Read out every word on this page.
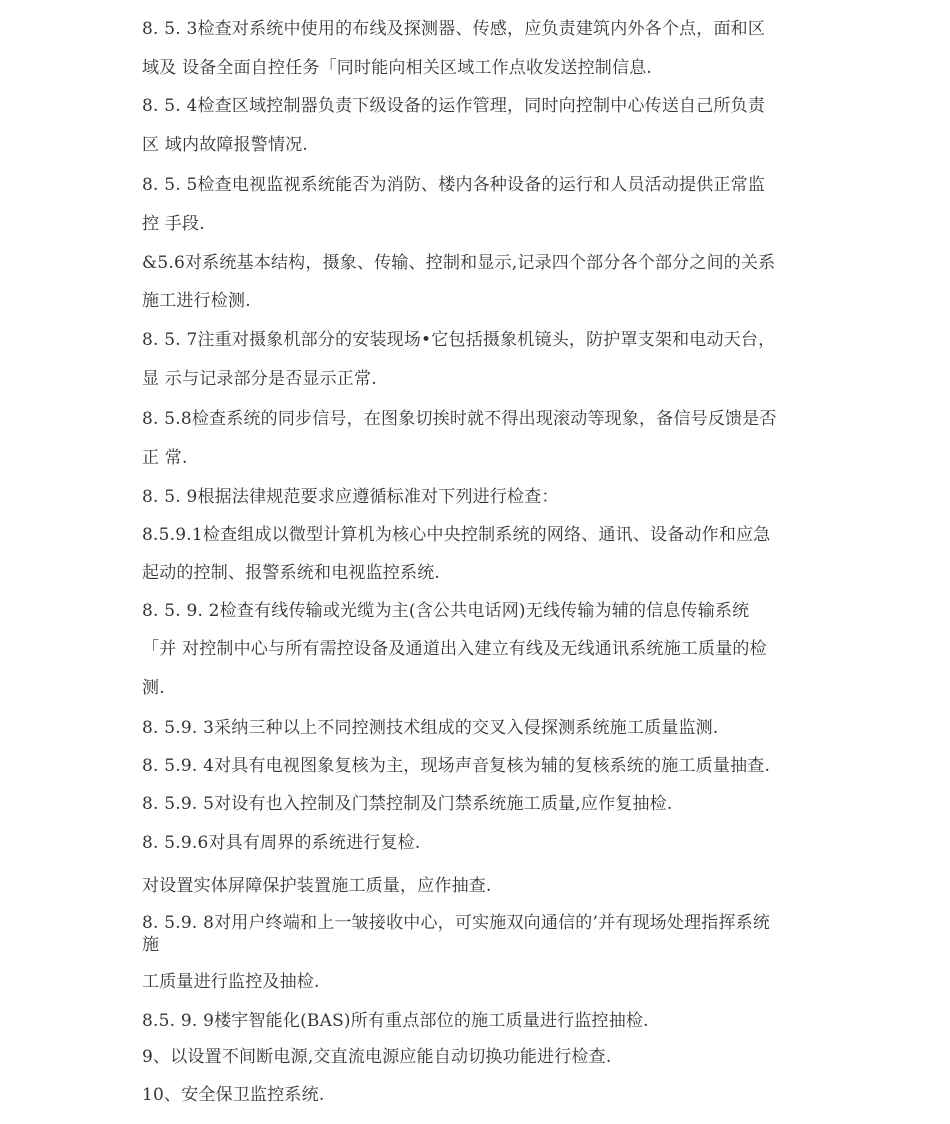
8. 5. 3检查对系统中使用的布线及探测器、传感，应负责建筑内外各个点，面和区
域及 设备全面自控任务「同时能向相关区域工作点收发送控制信息.
8. 5. 4检查区域控制器负责下级设备的运作管理，同时向控制中心传送自己所负责
区 域内故障报警情况.
8. 5. 5检查电视监视系统能否为消防、楼内各种设备的运行和人员活动提供正常监
控 手段.
&5.6对系统基本结构，摄象、传输、控制和显示,记录四个部分各个部分之间的关系
施工进行检测.
8. 5. 7注重对摄象机部分的安装现场•它包括摄象机镜头，防护罩支架和电动天台，
显 示与记录部分是否显示正常.
8. 5.8检查系统的同步信号，在图象切挨时就不得出现滚动等现象，备信号反馈是否
正 常.
8. 5. 9根据法律规范要求应遵循标准对下列进行检查：
8.5.9.1检查组成以微型计算机为核心中央控制系统的网络、通讯、设备动作和应急
起动的控制、报警系统和电视监控系统.
8. 5. 9. 2检查有线传输或光缆为主(含公共电话网)无线传输为辅的信息传输系统
「并 对控制中心与所有需控设备及通道出入建立有线及无线通讯系统施工质量的检
测.
8. 5.9. 3采纳三种以上不同控测技术组成的交叉入侵探测系统施工质量监测.
8. 5.9. 4对具有电视图象复核为主，现场声音复核为辅的复核系统的施工质量抽查.
8. 5.9. 5对设有也入控制及门禁控制及门禁系统施工质量,应作复抽检.
8. 5.9.6对具有周界的系统进行复检.
对设置实体屏障保护装置施工质量，应作抽查.
8. 5.9. 8对用户终端和上一皱接收中心，可实施双向通信的’并有现场处理指挥系统
施
工质量进行监控及抽检.
8.5. 9. 9楼宇智能化(BAS)所有重点部位的施工质量进行监控抽检.
9、以设置不间断电源,交直流电源应能自动切换功能进行检查.
10、安全保卫监控系统.
